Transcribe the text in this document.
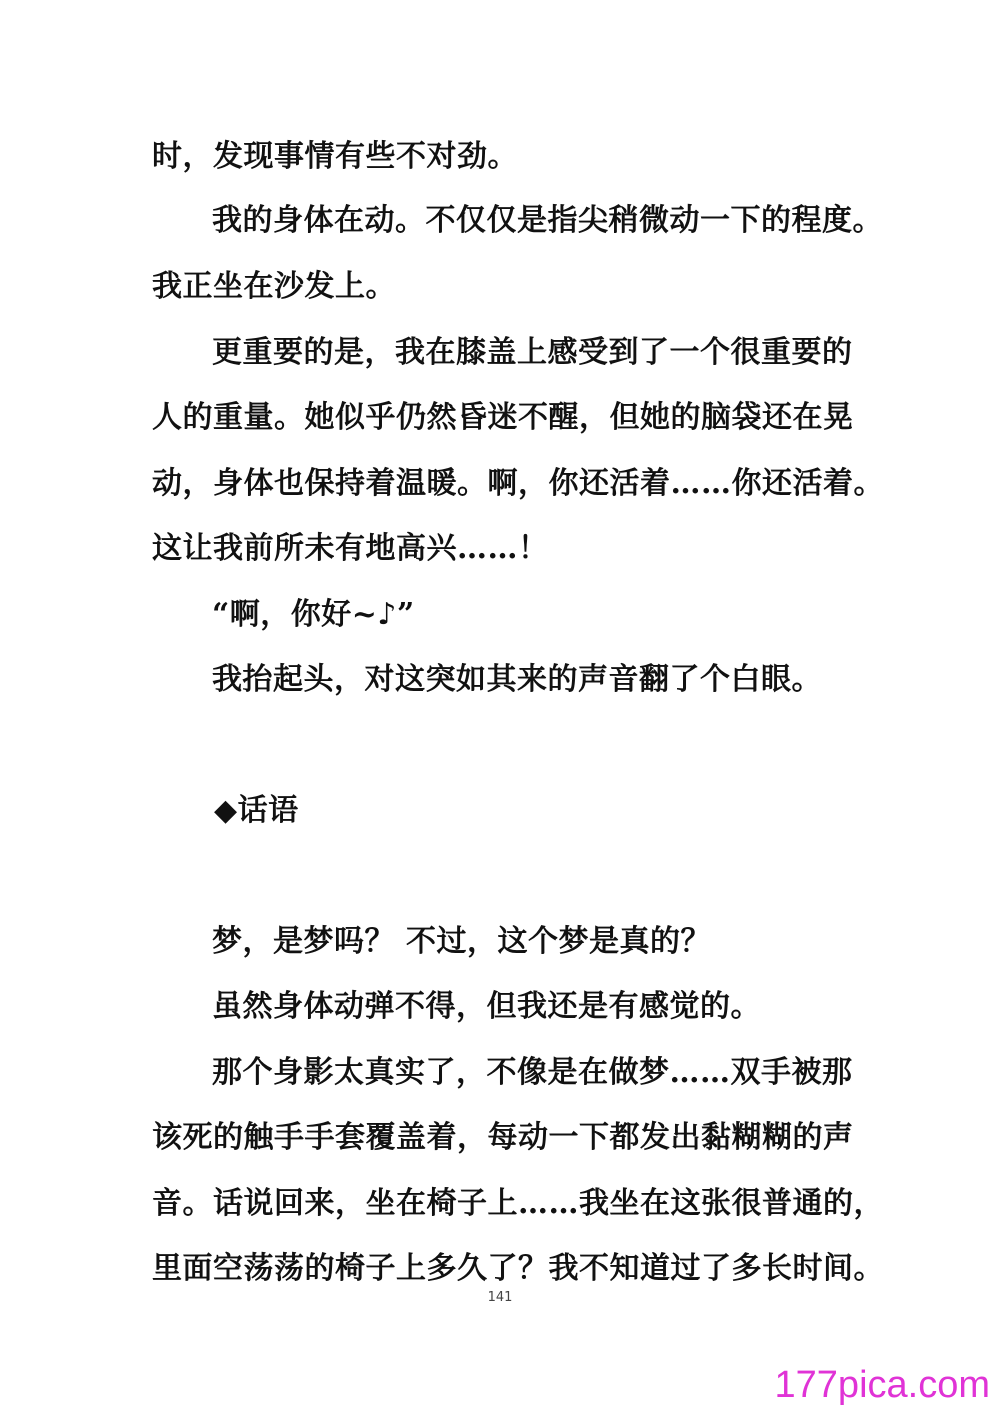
时，发现事情有些不对劲。
我的身体在动。不仅仅是指尖稍微动一下的程度。
我正坐在沙发上。
更重要的是，我在膝盖上感受到了一个很重要的
人的重量。她似乎仍然昏迷不醒，但她的脑袋还在晃
动，身体也保持着温暖。啊，你还活着……你还活着。
这让我前所未有地高兴……！
“啊，你好~♪”
我抬起头，对这突如其来的声音翻了个白眼。
◆话语
梦，是梦吗？ 不过，这个梦是真的？
虽然身体动弹不得，但我还是有感觉的。
那个身影太真实了，不像是在做梦……双手被那
该死的触手手套覆盖着，每动一下都发出黏糊糊的声
音。话说回来，坐在椅子上……我坐在这张很普通的，
里面空荡荡的椅子上多久了？我不知道过了多长时间。
141
177pica.com
